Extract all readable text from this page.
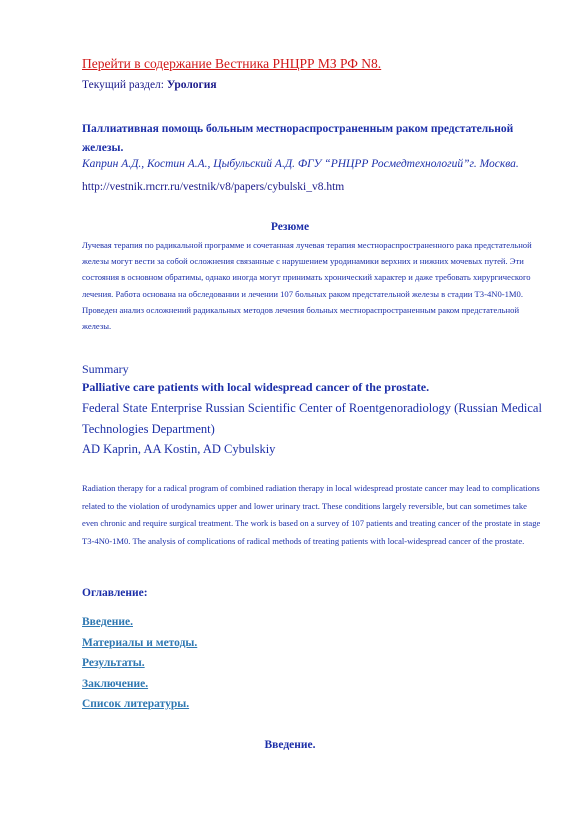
Перейти в содержание Вестника РНЦРР МЗ РФ N8.

Текущий раздел: Урология

Паллиативная помощь больным местнораспространенным раком предстательной железы.

Каприн А.Д., Костин А.А., Цыбульский А.Д. ФГУ “РНЦРР Росмедтехнологий”г. Москва.

http://vestnik.rncrr.ru/vestnik/v8/papers/cybulski_v8.htm

Резюме

Лучевая терапия по радикальной программе и сочетанная лучевая терапия местнораспространенного рака предстательной железы могут вести за собой осложнения связанные с нарушением уродинамики верхних и нижних мочевых путей. Эти состояния в основном обратимы, однако иногда могут принимать хронический характер и даже требовать хирургического лечения. Работа основана на обследовании и лечении 107 больных раком предстательной железы в стадии Т3-4N0-1M0. Проведен анализ осложнений радикальных методов лечения больных местнораспространенным раком предстательной железы.

Summary

Palliative care patients with local widespread cancer of the prostate.

Federal State Enterprise Russian Scientific Center of Roentgenoradiology (Russian Medical Technologies Department)

AD Kaprin, AA Kostin, AD Cybulskiy

Radiation therapy for a radical program of combined radiation therapy in local widespread prostate cancer may lead to complications related to the violation of urodynamics upper and lower urinary tract. These conditions largely reversible, but can sometimes take even chronic and require surgical treatment. The work is based on a survey of 107 patients and treating cancer of the prostate in stage T3-4N0-1M0. The analysis of complications of radical methods of treating patients with local-widespread cancer of the prostate.

Оглавление:

Введение.
Материалы и методы.
Результаты.
Заключение.
Список литературы.

Введение.
